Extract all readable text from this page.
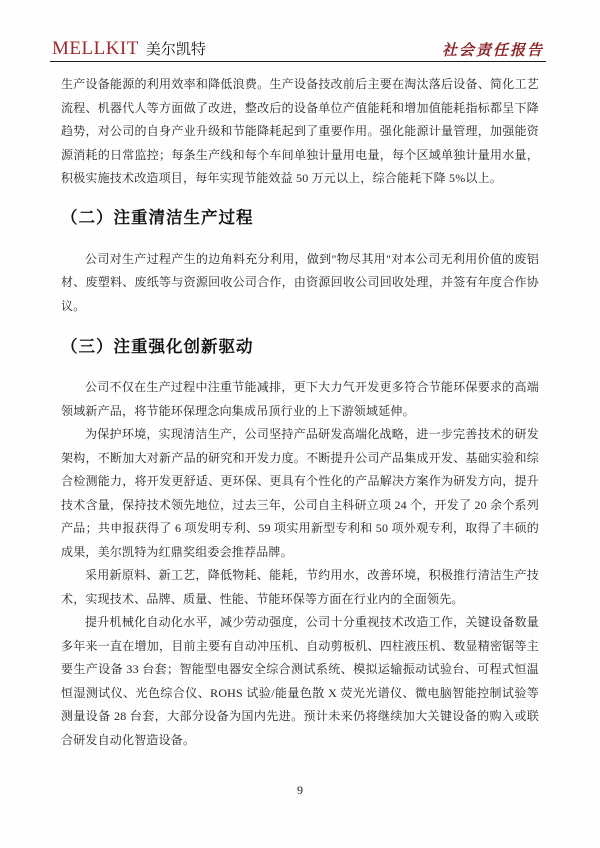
MELLKIT 美尔凯特	社会责任报告

生产设备能源的利用效率和降低浪费。生产设备技改前后主要在淘汰落后设备、简化工艺流程、机器代人等方面做了改进，整改后的设备单位产值能耗和增加值能耗指标都呈下降趋势，对公司的自身产业升级和节能降耗起到了重要作用。强化能源计量管理，加强能资源消耗的日常监控；每条生产线和每个车间单独计量用电量，每个区域单独计量用水量，积极实施技术改造项目，每年实现节能效益 50 万元以上，综合能耗下降 5%以上。

（二）注重清洁生产过程

公司对生产过程产生的边角料充分利用，做到"物尽其用"对本公司无利用价值的废铝材、废塑料、废纸等与资源回收公司合作，由资源回收公司回收处理，并签有年度合作协议。

（三）注重强化创新驱动

公司不仅在生产过程中注重节能减排，更下大力气开发更多符合节能环保要求的高端领域新产品，将节能环保理念向集成吊顶行业的上下游领域延伸。

为保护环境，实现清洁生产，公司坚持产品研发高端化战略，进一步完善技术的研发架构，不断加大对新产品的研究和开发力度。不断提升公司产品集成开发、基础实验和综合检测能力，将开发更舒适、更环保、更具有个性化的产品解决方案作为研发方向，提升技术含量，保持技术领先地位，过去三年，公司自主科研立项 24 个，开发了 20 余个系列产品；共申报获得了 6 项发明专利、59 项实用新型专利和 50 项外观专利，取得了丰硕的成果，美尔凯特为红鼎奖组委会推荐品牌。

采用新原料、新工艺，降低物耗、能耗，节约用水，改善环境，积极推行清洁生产技术，实现技术、品牌、质量、性能、节能环保等方面在行业内的全面领先。

提升机械化自动化水平，减少劳动强度，公司十分重视技术改造工作，关键设备数量多年来一直在增加，目前主要有自动冲压机、自动剪板机、四柱液压机、数显精密锯等主要生产设备 33 台套；智能型电器安全综合测试系统、模拟运输振动试验台、可程式恒温恒湿测试仪、光色综合仪、ROHS 试验/能量色散 X 荧光光谱仪、微电脑智能控制试验等测量设备 28 台套，大部分设备为国内先进。预计未来仍将继续加大关键设备的购入或联合研发自动化智造设备。

9
